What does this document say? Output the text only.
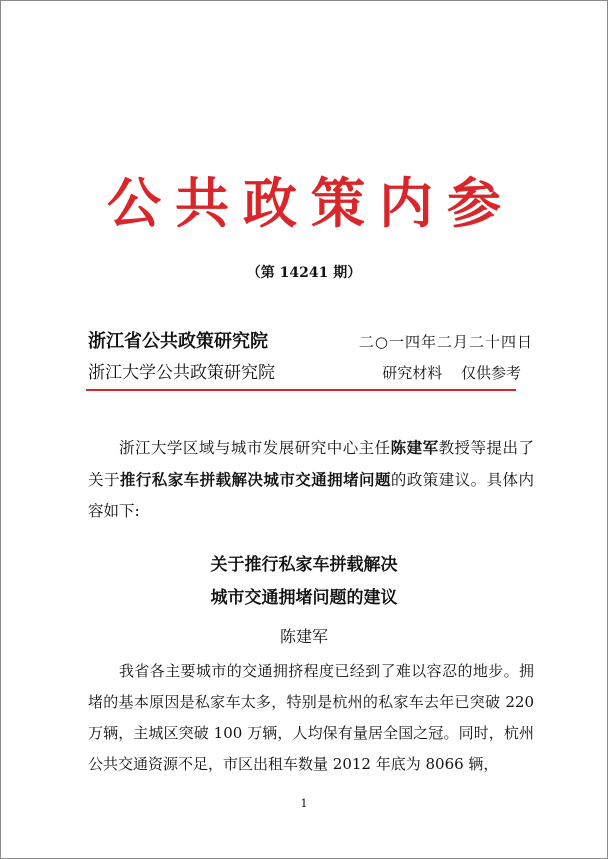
公共政策内参
（第 14241 期）
浙江省公共政策研究院	二○一四年二月二十四日
浙江大学公共政策研究院	研究材料 仅供参考
浙江大学区域与城市发展研究中心主任陈建军教授等提出了关于推行私家车拼载解决城市交通拥堵问题的政策建议。具体内容如下:
关于推行私家车拼载解决
城市交通拥堵问题的建议
陈建军
我省各主要城市的交通拥挤程度已经到了难以容忍的地步。拥堵的基本原因是私家车太多，特别是杭州的私家车去年已突破 220 万辆，主城区突破 100 万辆，人均保有量居全国之冠。同时，杭州公共交通资源不足，市区出租车数量 2012 年底为 8066 辆，
1
